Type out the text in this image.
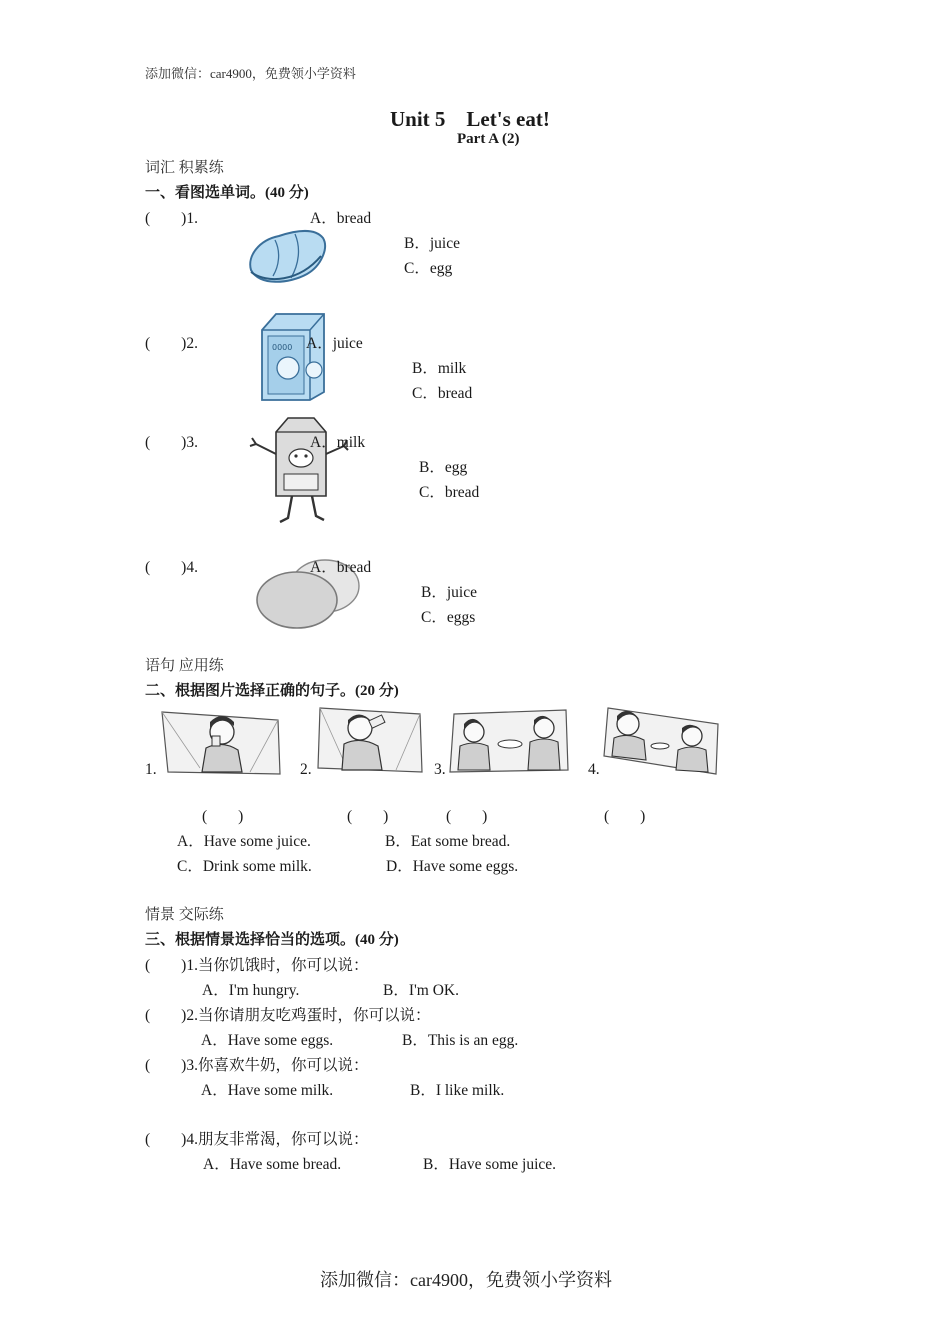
添加微信：car4900，免费领小学资料
Unit 5　Let's eat!
Part A (2)
词汇 积累练
一、看图选单词。(40 分)
(　　)1.	A．bread
B．juice
C．egg
(　　)2.	0000 A．juice
B．milk
C．bread
(　　)3.	A．milk
B．egg
C．bread
(　　)4.	A．bread
B．juice
C．eggs
语句 应用练
二、根据图片选择正确的句子。(20 分)
1.	2.	3.	4.
(　　)	(　　)	(　　)	(　　)
A．Have some juice.	B．Eat some bread.
C．Drink some milk.	D．Have some eggs.
情景 交际练
三、根据情景选择恰当的选项。(40 分)
(　　)1.当你饥饿时，你可以说：
A．I'm hungry.	B．I'm OK.
(　　)2.当你请朋友吃鸡蛋时，你可以说：
A．Have some eggs.	B．This is an egg.
(　　)3.你喜欢牛奶，你可以说：
A．Have some milk.	B．I like milk.
(　　)4.朋友非常渴，你可以说：
A．Have some bread.	B．Have some juice.
添加微信：car4900，免费领小学资料
